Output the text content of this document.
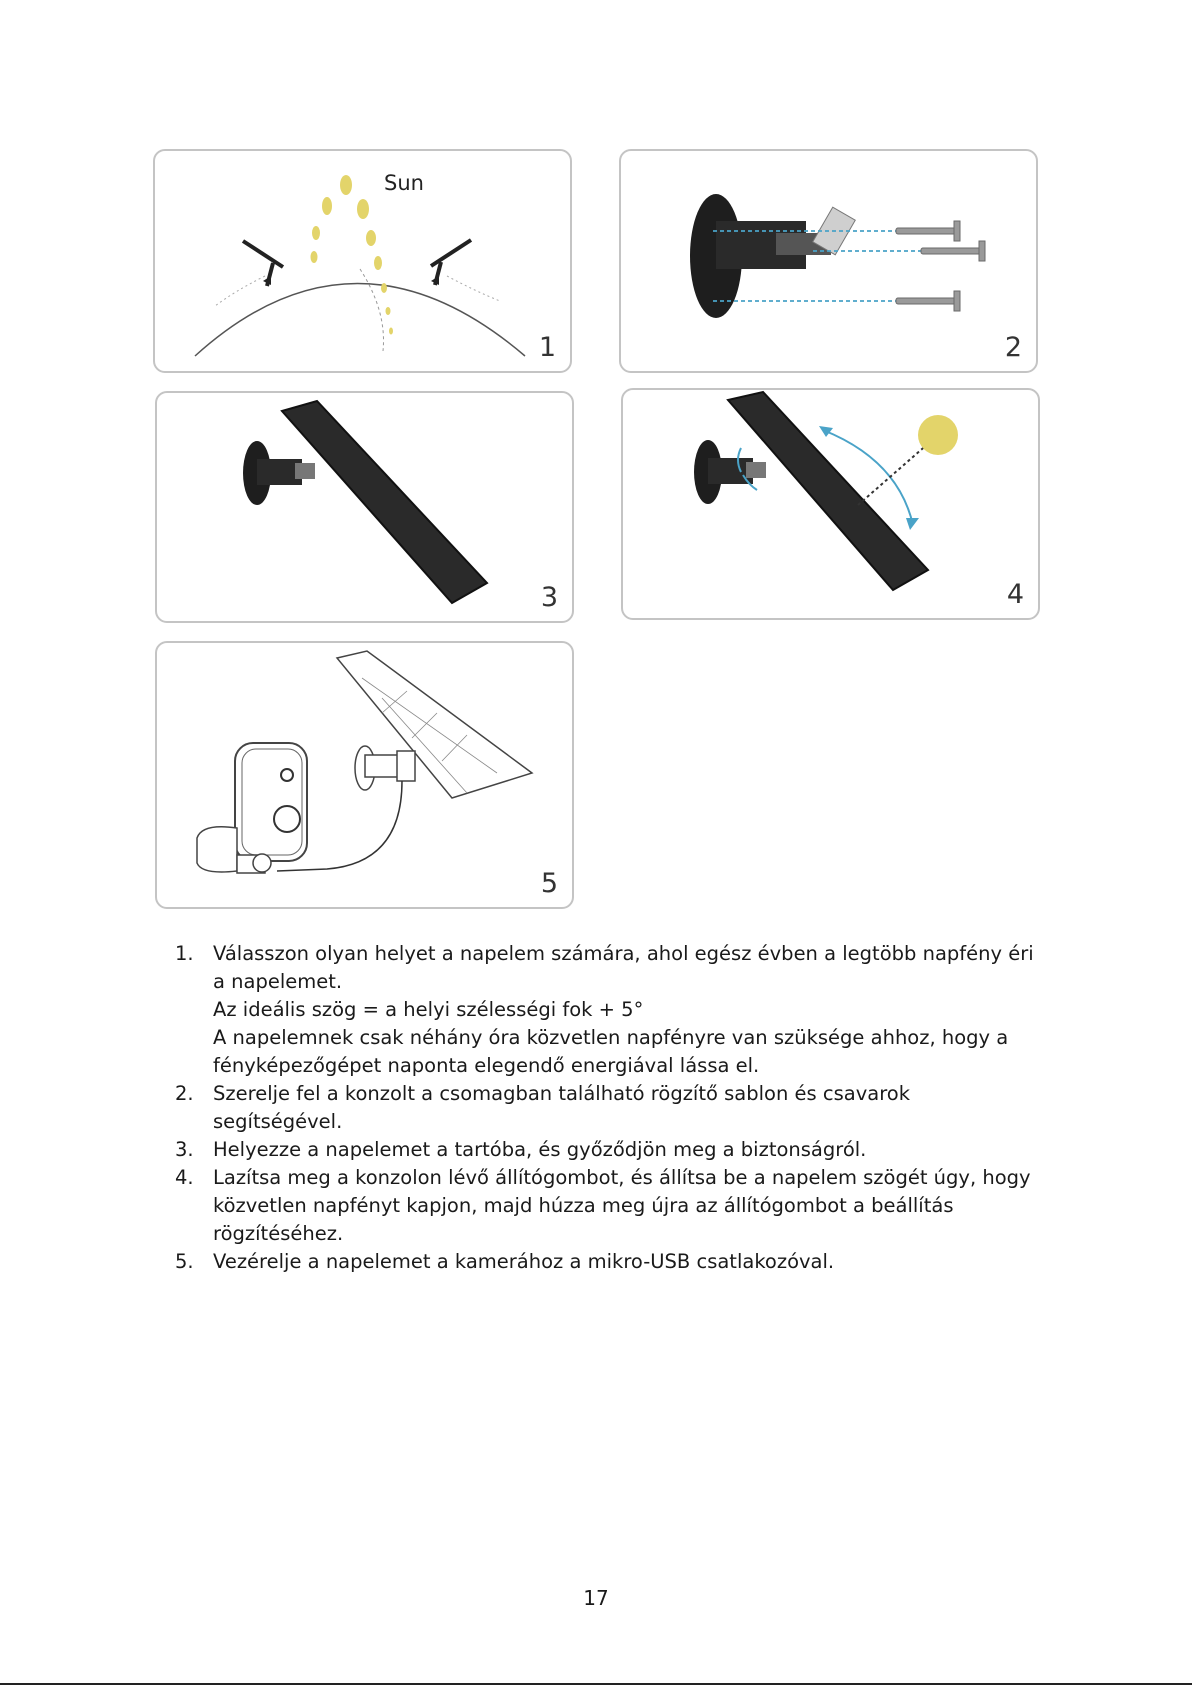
Sun
1	2
3	4
5
1. Válasszon olyan helyet a napelem számára, ahol egész évben a legtöbb napfény éri
a napelemet.
Az ideális szög = a helyi szélességi fok + 5°
A napelemnek csak néhány óra közvetlen napfényre van szüksége ahhoz, hogy a
fényképezőgépet naponta elegendő energiával lássa el.
2. Szerelje fel a konzolt a csomagban található rögzítő sablon és csavarok
segítségével.
3. Helyezze a napelemet a tartóba, és győződjön meg a biztonságról.
4. Lazítsa meg a konzolon lévő állítógombot, és állítsa be a napelem szögét úgy, hogy
közvetlen napfényt kapjon, majd húzza meg újra az állítógombot a beállítás
rögzítéséhez.
5. Vezérelje a napelemet a kamerához a mikro-USB csatlakozóval.
17
